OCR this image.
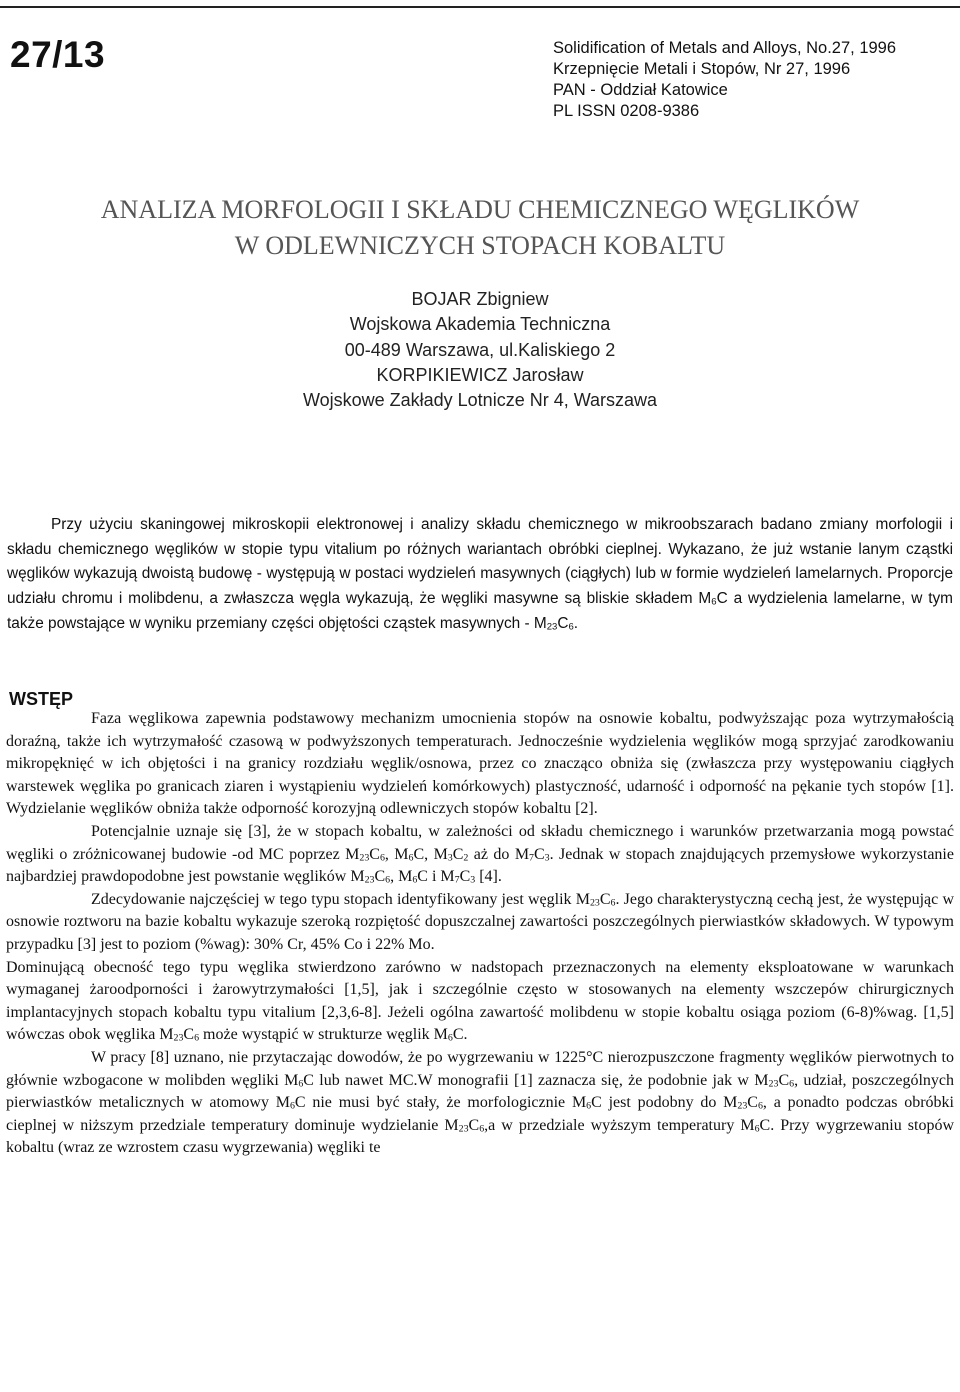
27/13	Solidification of Metals and Alloys, No.27, 1996
Krzepnięcie Metali i Stopów, Nr 27, 1996
PAN - Oddział Katowice
PL ISSN 0208-9386
ANALIZA MORFOLOGII I SKŁADU CHEMICZNEGO WĘGLIKÓW
W ODLEWNICZYCH STOPACH KOBALTU
BOJAR Zbigniew
Wojskowa Akademia Techniczna
00-489 Warszawa, ul.Kaliskiego 2
KORPIKIEWICZ Jarosław
Wojskowe Zakłady Lotnicze Nr 4, Warszawa
Przy użyciu skaningowej mikroskopii elektronowej i analizy składu chemicznego w mikroobszarach badano zmiany morfologii i składu chemicznego węglików w stopie typu vitalium po różnych wariantach obróbki cieplnej. Wykazano, że już wstanie lanym cząstki węglików wykazują dwoistą budowę - występują w postaci wydzieleń masywnych (ciągłych) lub w formie wydzieleń lamelarnych. Proporcje udziału chromu i molibdenu, a zwłaszcza węgla wykazują, że węgliki masywne są bliskie składem $M_6C$ a wydzielenia lamelarne, w tym także powstające w wyniku przemiany części objętości cząstek masywnych - $M_{23}C_6$.
WSTĘP

Faza węglikowa zapewnia podstawowy mechanizm umocnienia stopów na osnowie kobaltu, podwyższając poza wytrzymałością doraźną, także ich wytrzymałość czasową w podwyższonych temperaturach. Jednocześnie wydzielenia węglików mogą sprzyjać zarodkowaniu mikropęknięć w ich objętości i na granicy rozdziału węglik/osnowa, przez co znacząco obniża się (zwłaszcza przy występowaniu ciągłych warstewek węglika po granicach ziaren i wystąpieniu wydzieleń komórkowych) plastyczność, udarność i odporność na pękanie tych stopów [1]. Wydzielanie węglików obniża także odporność korozyjną odlewniczych stopów kobaltu [2].

Potencjalnie uznaje się [3], że w stopach kobaltu, w zależności od składu chemicznego i warunków przetwarzania mogą powstać węgliki o zróżnicowanej budowie -od MC poprzez $M_{23}C_6$, $M_6C$, $M_3C_2$ aż do $M_7C_3$. Jednak w stopach znajdujących przemysłowe wykorzystanie najbardziej prawdopodobne jest powstanie węglików $M_{23}C_6$, $M_6C$ i $M_7C_3$ [4].

Zdecydowanie najczęściej w tego typu stopach identyfikowany jest węglik $M_{23}C_6$. Jego charakterystyczną cechą jest, że występując w osnowie roztworu na bazie kobaltu wykazuje szeroką rozpiętość dopuszczalnej zawartości poszczególnych pierwiastków składowych. W typowym przypadku [3] jest to poziom (%wag): 30% Cr, 45% Co i 22% Mo.

Dominującą obecność tego typu węglika stwierdzono zarówno w nadstopach przeznaczonych na elementy eksploatowane w warunkach wymaganej żaroodporności i żarowytrzymałości [1,5], jak i szczególnie często w stosowanych na elementy wszczepów chirurgicznych implantacyjnych stopach kobaltu typu vitalium [2,3,6-8]. Jeżeli ogólna zawartość molibdenu w stopie kobaltu osiąga poziom (6-8)%wag. [1,5] wówczas obok węglika $M_{23}C_6$ może wystąpić w strukturze węglik $M_6C$.

W pracy [8] uznano, nie przytaczając dowodów, że po wygrzewaniu w 1225°C nierozpuszczone fragmenty węglików pierwotnych to głównie wzbogacone w molibden węgliki $M_6C$ lub nawet MC.W monografii [1] zaznacza się, że podobnie jak w $M_{23}C_6$, udział, poszczególnych pierwiastków metalicznych w atomowy $M_6C$ nie musi być stały, że morfologicznie $M_6C$ jest podobny do $M_{23}C_6$, a ponadto podczas obróbki cieplnej w niższym przedziale temperatury dominuje wydzielanie $M_{23}C_6,a$ w przedziale wyższym temperatury $M_6C$. Przy wygrzewaniu stopów kobaltu (wraz ze wzrostem czasu wygrzewania) węgliki te
